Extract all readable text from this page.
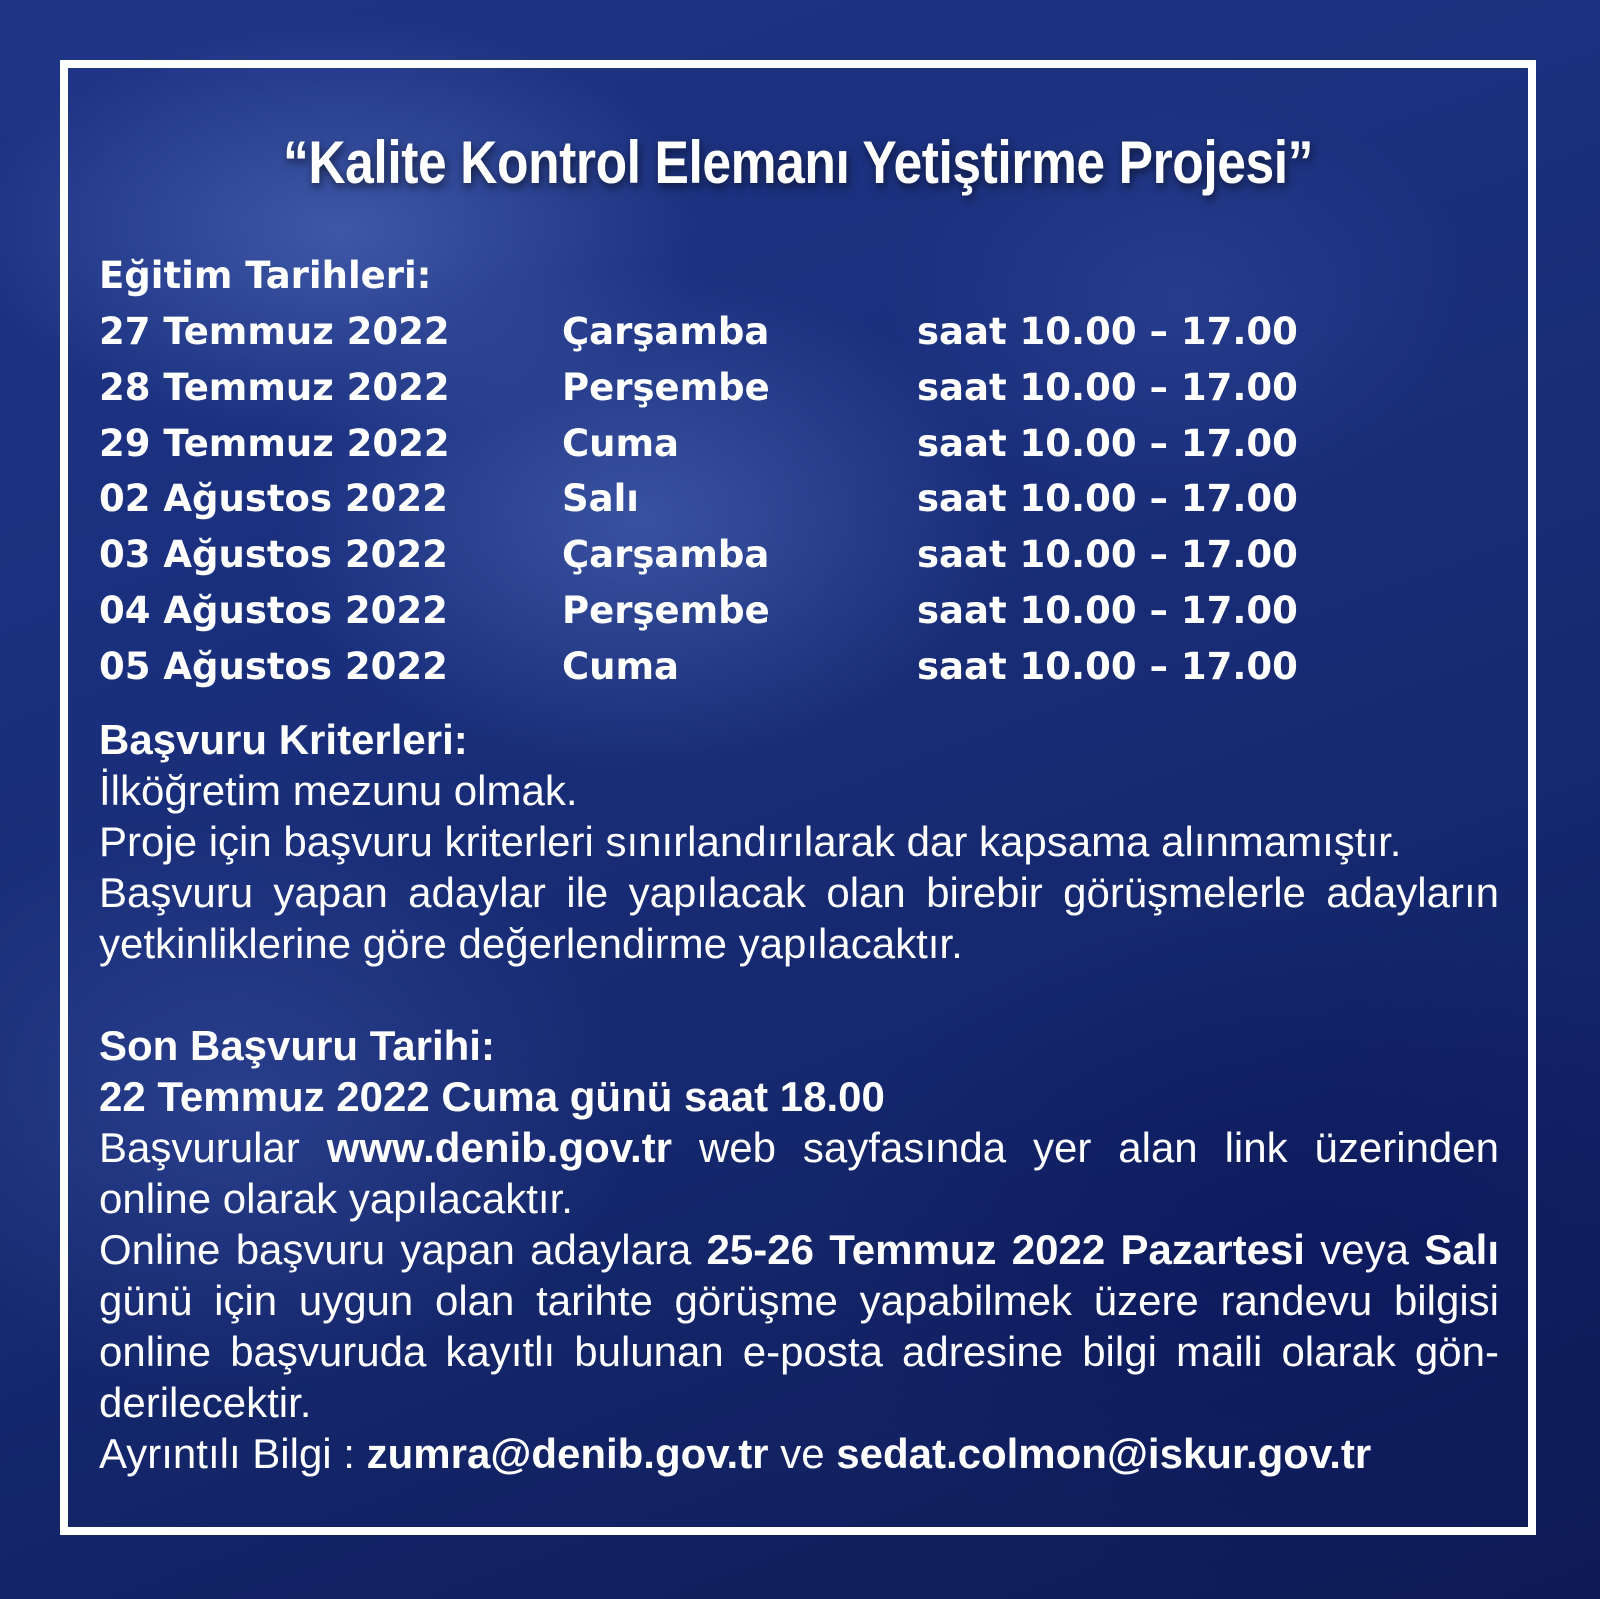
“Kalite Kontrol Elemanı Yetiştirme Projesi”
Eğitim Tarihleri:
27 Temmuz 2022	Çarşamba	saat 10.00 – 17.00
28 Temmuz 2022	Perşembe	saat 10.00 – 17.00
29 Temmuz 2022	Cuma	saat 10.00 – 17.00
02 Ağustos 2022	Salı	saat 10.00 – 17.00
03 Ağustos 2022	Çarşamba	saat 10.00 – 17.00
04 Ağustos 2022	Perşembe	saat 10.00 – 17.00
05 Ağustos 2022	Cuma	saat 10.00 – 17.00
Başvuru Kriterleri:
İlköğretim mezunu olmak.
Proje için başvuru kriterleri sınırlandırılarak dar kapsama alınmamıştır.
Başvuru yapan adaylar ile yapılacak olan birebir görüşmelerle adayların yetkinliklerine göre değerlendirme yapılacaktır.
Son Başvuru Tarihi:
22 Temmuz 2022 Cuma günü saat 18.00
Başvurular www.denib.gov.tr web sayfasında yer alan link üzerinden online olarak yapılacaktır.
Online başvuru yapan adaylara 25-26 Temmuz 2022 Pazartesi veya Salı günü için uygun olan tarihte görüşme yapabilmek üzere randevu bilgisi online başvuruda kayıtlı bulunan e-posta adresine bilgi maili olarak gön-derilecektir.
Ayrıntılı Bilgi : zumra@denib.gov.tr ve sedat.colmon@iskur.gov.tr
